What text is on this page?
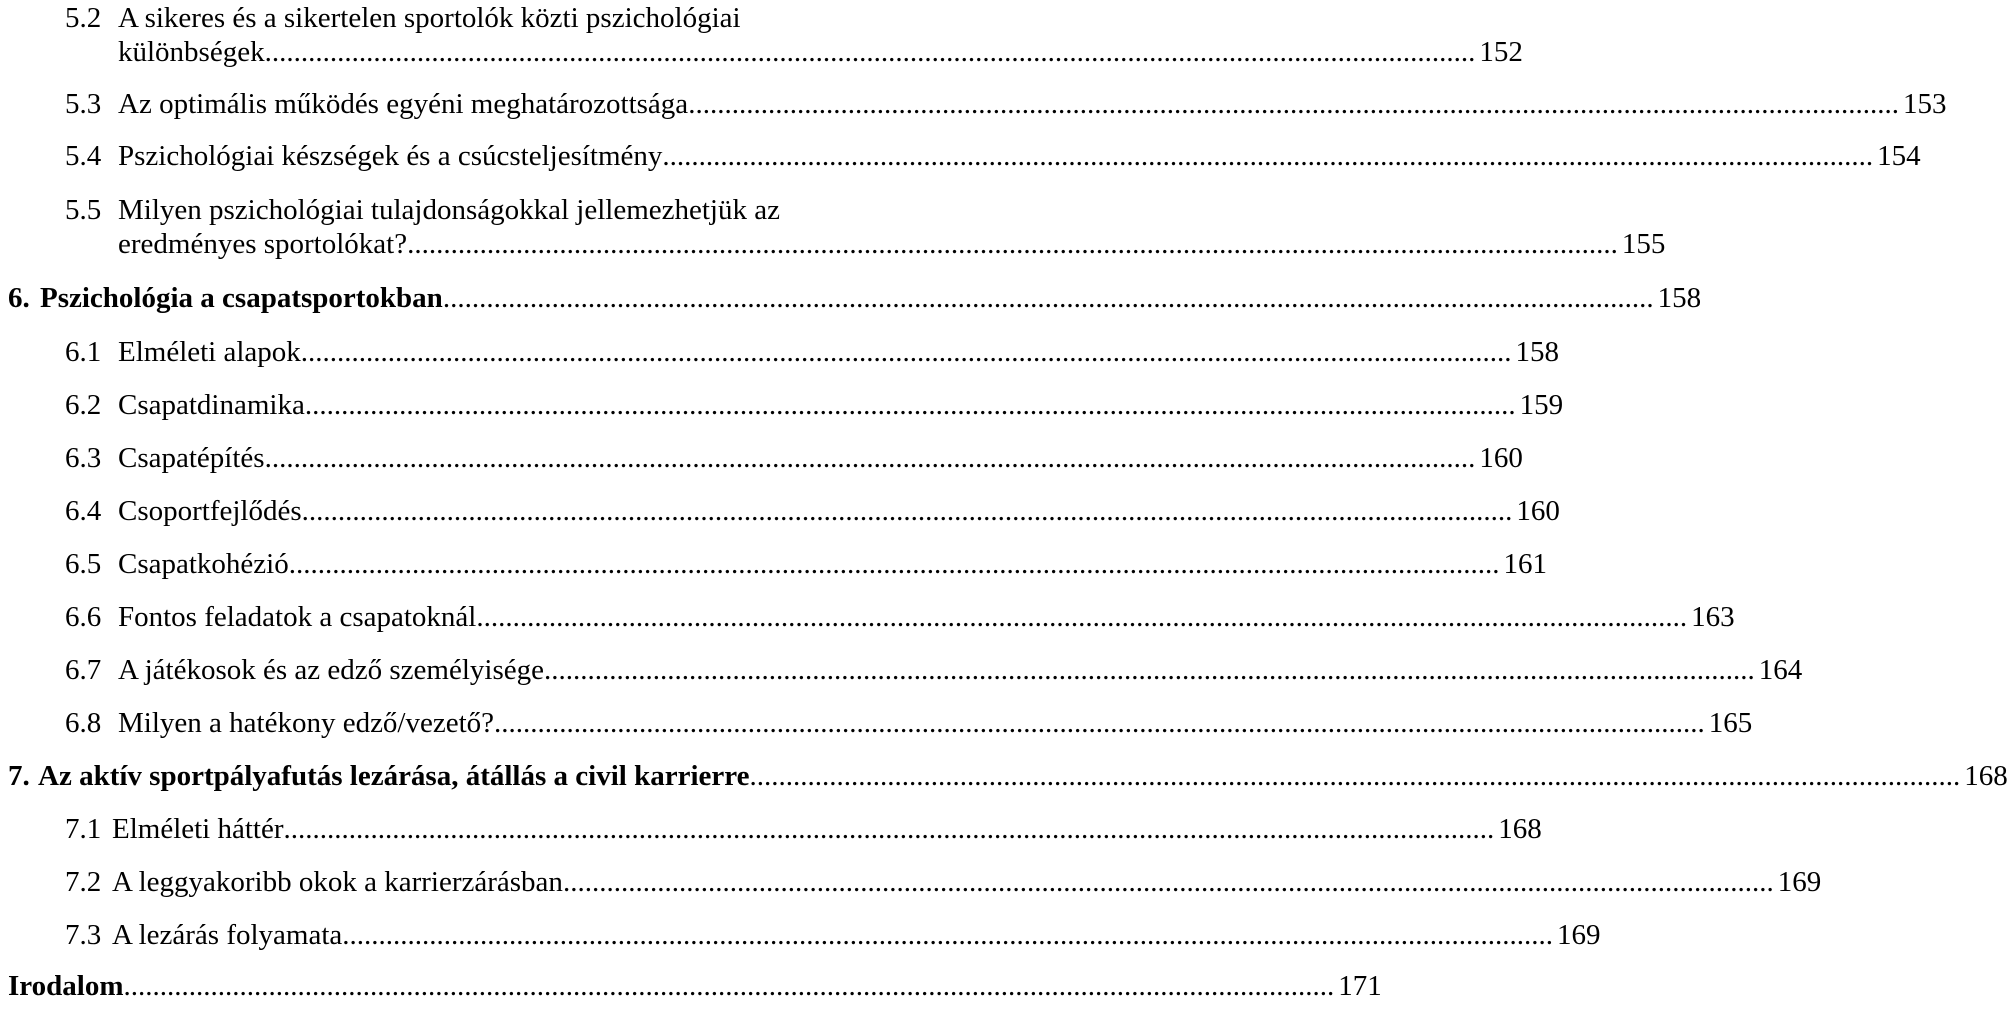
5.2 A sikeres és a sikertelen sportolók közti pszichológiai
különbségek ....................................................................................................................................................................... 152
5.3 Az optimális működés egyéni meghatározottsága ....................................................................................................................................................................... 153
5.4 Pszichológiai készségek és a csúcsteljesítmény ....................................................................................................................................................................... 154
5.5 Milyen pszichológiai tulajdonságokkal jellemezhetjük az
eredményes sportolókat? ....................................................................................................................................................................... 155
6. Pszichológia a csapatsportokban ....................................................................................................................................................................... 158
6.1 Elméleti alapok ....................................................................................................................................................................... 158
6.2 Csapatdinamika ....................................................................................................................................................................... 159
6.3 Csapatépítés ....................................................................................................................................................................... 160
6.4 Csoportfejlődés ....................................................................................................................................................................... 160
6.5 Csapatkohézió ....................................................................................................................................................................... 161
6.6 Fontos feladatok a csapatoknál ....................................................................................................................................................................... 163
6.7 A játékosok és az edző személyisége ....................................................................................................................................................................... 164
6.8 Milyen a hatékony edző/vezető? ....................................................................................................................................................................... 165
7. Az aktív sportpályafutás lezárása, átállás a civil karrierre ....................................................................................................................................................................... 168
7.1 Elméleti háttér ....................................................................................................................................................................... 168
7.2 A leggyakoribb okok a karrierzárásban ....................................................................................................................................................................... 169
7.3 A lezárás folyamata ....................................................................................................................................................................... 169
Irodalom ....................................................................................................................................................................... 171
